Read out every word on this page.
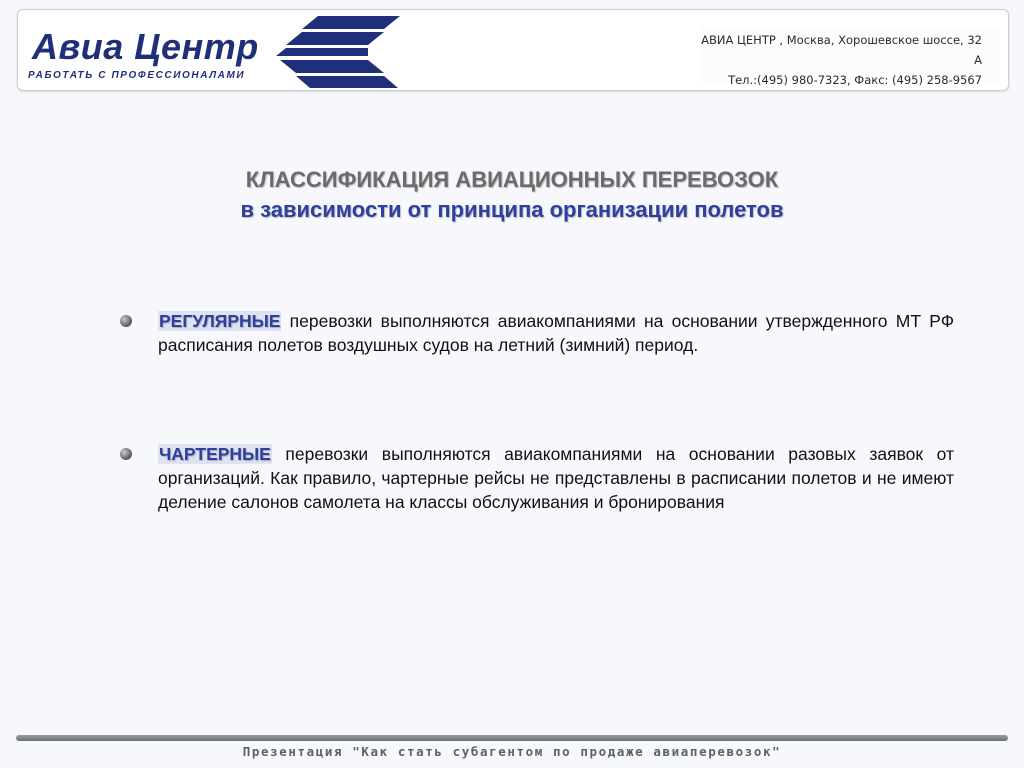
Авиа Центр
РАБОТАТЬ С ПРОФЕССИОНАЛАМИ
АВИА ЦЕНТР , Москва, Хорошевское шоссе, 32 А
Тел.:(495) 980-7323, Факс: (495) 258-9567
КЛАССИФИКАЦИЯ АВИАЦИОННЫХ ПЕРЕВОЗОК
в зависимости от принципа организации полетов
РЕГУЛЯРНЫЕ перевозки выполняются авиакомпаниями на основании утвержденного МТ РФ расписания полетов воздушных судов на летний (зимний) период.
ЧАРТЕРНЫЕ перевозки выполняются авиакомпаниями на основании разовых заявок от организаций. Как правило, чартерные рейсы не представлены в расписании полетов и не имеют деление салонов самолета на классы обслуживания и бронирования
Презентация "Как стать субагентом по продаже авиаперевозок"
